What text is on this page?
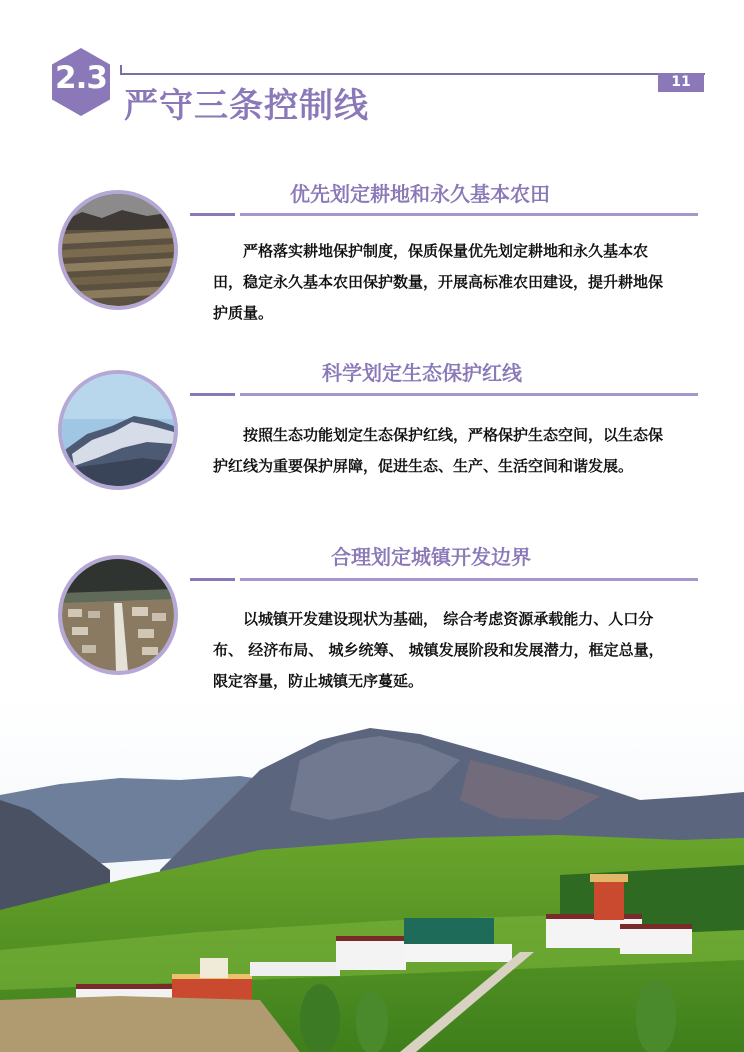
2.3
严守三条控制线
11
优先划定耕地和永久基本农田
严格落实耕地保护制度，保质保量优先划定耕地和永久基本农田，稳定永久基本农田保护数量，开展高标准农田建设，提升耕地保护质量。
科学划定生态保护红线
按照生态功能划定生态保护红线，严格保护生态空间，以生态保护红线为重要保护屏障，促进生态、生产、生活空间和谐发展。
合理划定城镇开发边界
以城镇开发建设现状为基础， 综合考虑资源承载能力、人口分布、 经济布局、 城乡统筹、 城镇发展阶段和发展潜力，框定总量，限定容量，防止城镇无序蔓延。
